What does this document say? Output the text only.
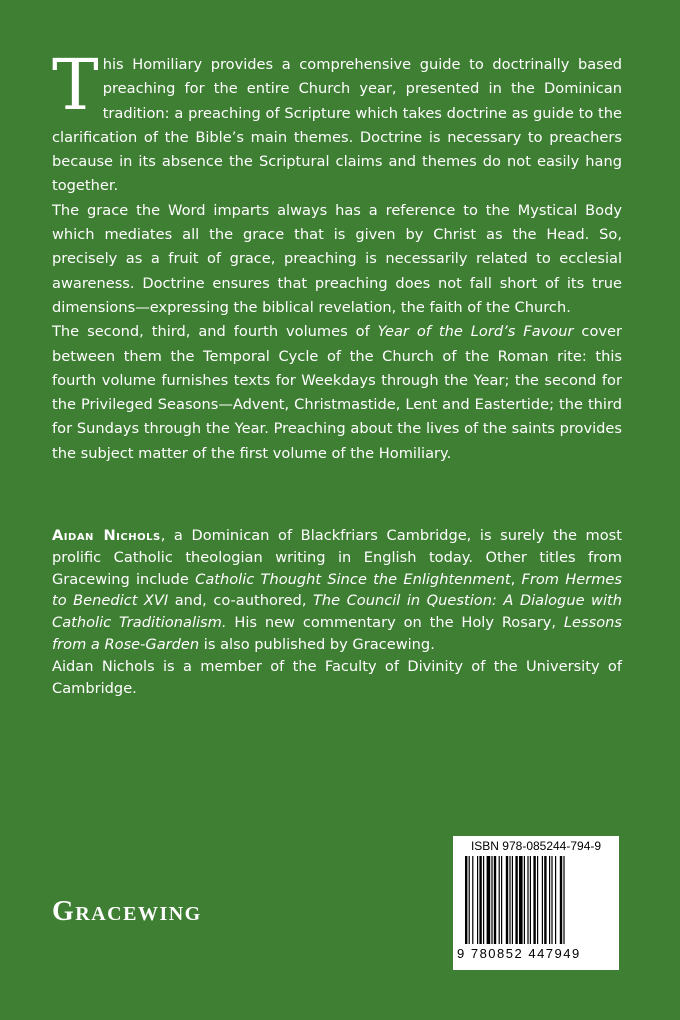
This Homiliary provides a comprehensive guide to doctrinally based preaching for the entire Church year, presented in the Dominican tradition: a preaching of Scripture which takes doctrine as guide to the clarification of the Bible’s main themes. Doctrine is necessary to preachers because in its absence the Scriptural claims and themes do not easily hang together.

The grace the Word imparts always has a reference to the Mystical Body which mediates all the grace that is given by Christ as the Head. So, precisely as a fruit of grace, preaching is necessarily related to ecclesial awareness. Doctrine ensures that preaching does not fall short of its true dimensions—expressing the biblical revelation, the faith of the Church.

The second, third, and fourth volumes of Year of the Lord’s Favour cover between them the Temporal Cycle of the Church of the Roman rite: this fourth volume furnishes texts for Weekdays through the Year; the second for the Privileged Seasons—Advent, Christmastide, Lent and Eastertide; the third for Sundays through the Year. Preaching about the lives of the saints provides the subject matter of the first volume of the Homiliary.

Aidan Nichols, a Dominican of Blackfriars Cambridge, is surely the most prolific Catholic theologian writing in English today. Other titles from Gracewing include Catholic Thought Since the Enlightenment, From Hermes to Benedict XVI and, co-authored, The Council in Question: A Dialogue with Catholic Traditionalism. His new commentary on the Holy Rosary, Lessons from a Rose-Garden is also published by Gracewing.

Aidan Nichols is a member of the Faculty of Divinity of the University of Cambridge.

Gracewing
ISBN 978-085244-794-9
9 780852 447949
